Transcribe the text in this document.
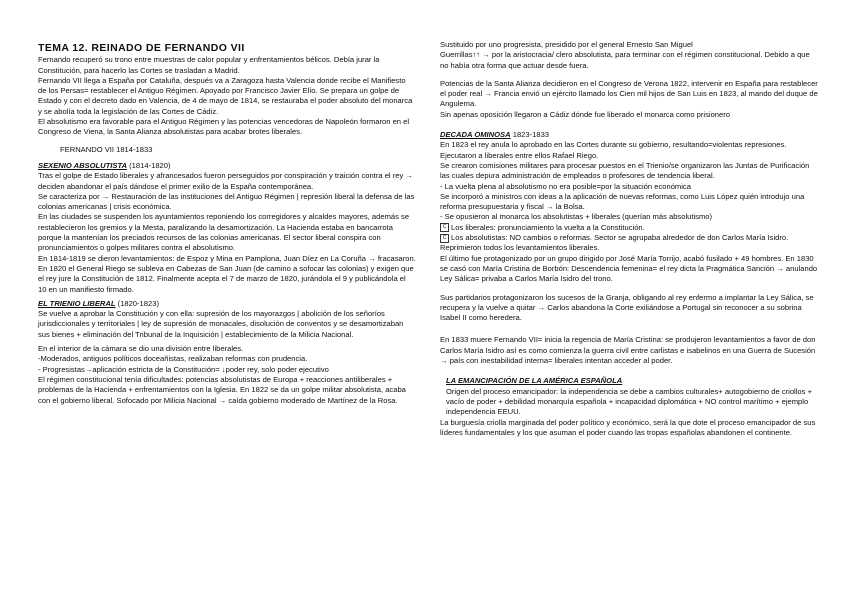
TEMA 12. REINADO DE FERNANDO VII

Fernando recuperó su trono entre muestras de calor popular y enfrentamientos bélicos. Debía jurar la Constitución, para hacerlo las Cortes se trasladan a Madrid.

Fernando VII llega a España por Cataluña, después va a Zaragoza hasta Valencia donde recibe el Manifiesto de los Persas= restablecer el Antiguo Régimen. Apoyado por Francisco Javier Elío. Se prepara un golpe de Estado y con el decreto dado en Valencia, de 4 de mayo de 1814, se restauraba el poder absoluto del monarca y se abolía toda la legislación de las Cortes de Cádiz.

El absolutismo era favorable para el Antiguo Régimen y las potencias vencedoras de Napoleón formaron en el Congreso de Viena, la Santa Alianza absolutistas para acabar brotes liberales.

FERNANDO VII 1814-1833

SEXENIO ABSOLUTISTA (1814-1820)

Tras el golpe de Estado liberales y afrancesados fueron perseguidos por conspiración y traición contra el rey → deciden abandonar el país dándose el primer exilio de la España contemporánea.

Se caracteriza por → Restauración de las instituciones del Antiguo Régimen | represión liberal la defensa de las colonias americanas | crisis económica.

En las ciudades se suspenden los ayuntamientos reponiendo los corregidores y alcaldes mayores, además se restablecieron los gremios y la Mesta, paralizando la desamortización. La Hacienda estaba en bancarrota porque la mantenían los preciados recursos de las colonias americanas. El sector liberal conspira con pronunciamientos o golpes militares contra el absolutismo.

En 1814-1819 se dieron levantamientos: de Espoz y Mina en Pamplona, Juan Díez en La Coruña → fracasaron.

En 1820 el General Riego se subleva en Cabezas de San Juan (de camino a sofocar las colonias) y exigen que el rey jure la Constitución de 1812. Finalmente acepta el 7 de marzo de 1820, jurándola el 9 y publicándola el 10 en un manifiesto firmado.

EL TRIENIO LIBERAL (1820-1823)

Se vuelve a aprobar la Constitución y con ella: supresión de los mayorazgos | abolición de los señoríos jurisdiccionales y territoriales | ley de supresión de monacales, disolución de conventos y se desamortizaban sus bienes + eliminación del Tribunal de la Inquisición | establecimiento de la Milicia Nacional.

En el interior de la cámara se dio una división entre liberales.

-Moderados, antiguos políticos doceañistas, realizaban reformas con prudencia.

- Progresistas→aplicación estricta de la Constitución= ↓poder rey, solo poder ejecutivo

El régimen constitucional tenía dificultades: potencias absolutistas de Europa + reacciones antiliberales + problemas de la Hacienda + enfrentamientos con la Iglesia. En 1822 se da un golpe militar absolutista, acaba con el gobierno liberal. Sofocado por Milicia Nacional → caída gobierno moderado de Martínez de la Rosa.

Sustituido por uno progresista, presidido por el general Ernesto San Miguel

Guerrillas↑↑ → por la aristocracia/ clero absolutista, para terminar con el régimen constitucional. Debido a que no había otra forma que actuar desde fuera.

Potencias de la Santa Alianza decidieron en el Congreso de Verona 1822, intervenir en España para restablecer el poder real → Francia envió un ejército llamado los Cien mil hijos de San Luis en 1823, al mando del duque de Angulema.

Sin apenas oposición llegaron a Cádiz dónde fue liberado el monarca como prisionero

DECADA OMINOSA 1823-1833

En 1823 el rey anula lo aprobado en las Cortes durante su gobierno, resultando=violentas represiones. Ejecutaron a liberales entre ellos Rafael Riego.

Se crearon comisiones militares para procesar puestos en el Trienio/se organizaron las Juntas de Purificación las cuales depura administración de empleados o profesores de tendencia liberal.

- La vuelta plena al absolutismo no era posible=por la situación económica

Se incorporó a ministros con ideas a la aplicación de nuevas reformas, como Luis López quién introdujo una reforma presupuestaria y fiscal → la Bolsa.

- Se opusieron al monarca los absolutistas + liberales (querían más absolutismo)

C Los liberales: pronunciamiento la vuelta a la Constitución.

C Los absolutistas: NO cambios o reformas. Sector se agrupaba alrededor de don Carlos María Isidro. Reprimieron todos los levantamientos liberales.

El último fue protagonizado por un grupo dirigido por José María Torrijo, acabó fusilado + 49 hombres. En 1830 se casó con María Cristina de Borbón: Descendencia femenina= el rey dicta la Pragmática Sanción → anulando Ley Sálica= privaba a Carlos María Isidro del trono.

Sus partidarios protagonizaron los sucesos de la Granja, obligando al rey enfermo a implantar la Ley Sálica, se recupera y la vuelve a quitar → Carlos abandona la Corte exiliándose a Portugal sin reconocer a su sobrina Isabel II como heredera.

En 1833 muere Fernando VII= inicia la regencia de María Cristina: se produjeron levantamientos a favor de don Carlos María Isidro así es como comienza la guerra civil entre carlistas e isabelinos en una Guerra de Sucesión → país con inestabilidad interna= liberales intentan acceder al poder.

LA EMANCIPACIÓN DE LA AMÉRICA ESPAÑOLA

Origen del proceso emancipador: la independencia se debe a cambios culturales+ autogobierno de criollos + vacío de poder + debilidad monarquía española + incapacidad diplomática + NO control marítimo + ejemplo independencia EEUU.

La burguesía criolla marginada del poder político y económico, será la que dote el proceso emancipador de sus líderes fundamentales y los que asuman el poder cuando las tropas españolas abandonen el continente.
